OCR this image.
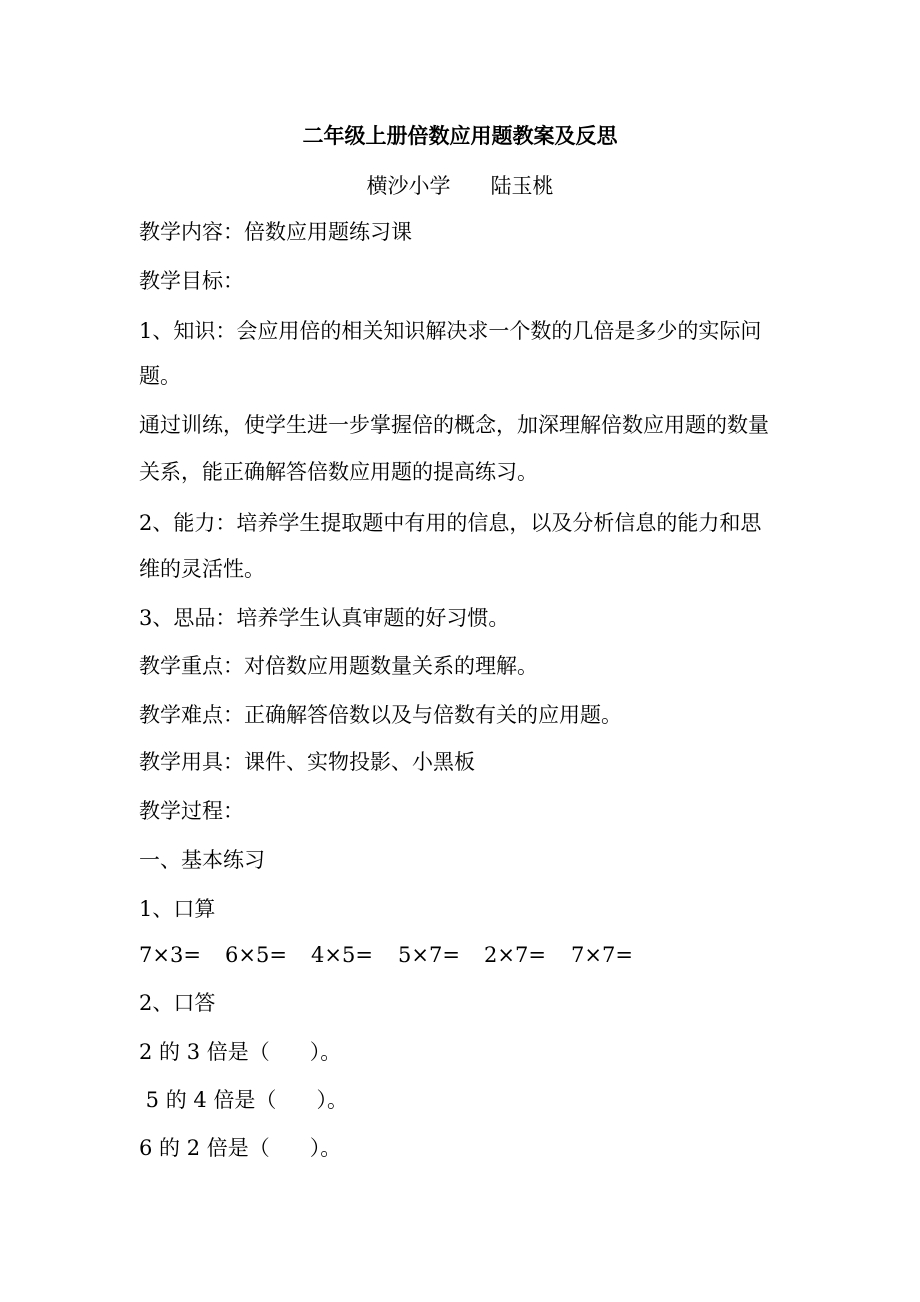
二年级上册倍数应用题教案及反思
横沙小学      陆玉桃
教学内容：倍数应用题练习课
教学目标：
1、知识：会应用倍的相关知识解决求一个数的几倍是多少的实际问
题。
通过训练，使学生进一步掌握倍的概念，加深理解倍数应用题的数量
关系，能正确解答倍数应用题的提高练习。
2、能力：培养学生提取题中有用的信息，以及分析信息的能力和思
维的灵活性。
3、思品：培养学生认真审题的好习惯。
教学重点：对倍数应用题数量关系的理解。
教学难点：正确解答倍数以及与倍数有关的应用题。
教学用具：课件、实物投影、小黑板
教学过程：
一、基本练习
1、口算
7×3= 6×5= 4×5= 5×7= 2×7= 7×7=
2、口答
2 的 3 倍是（      ）。
5 的 4 倍是（      ）。
6 的 2 倍是（      ）。
